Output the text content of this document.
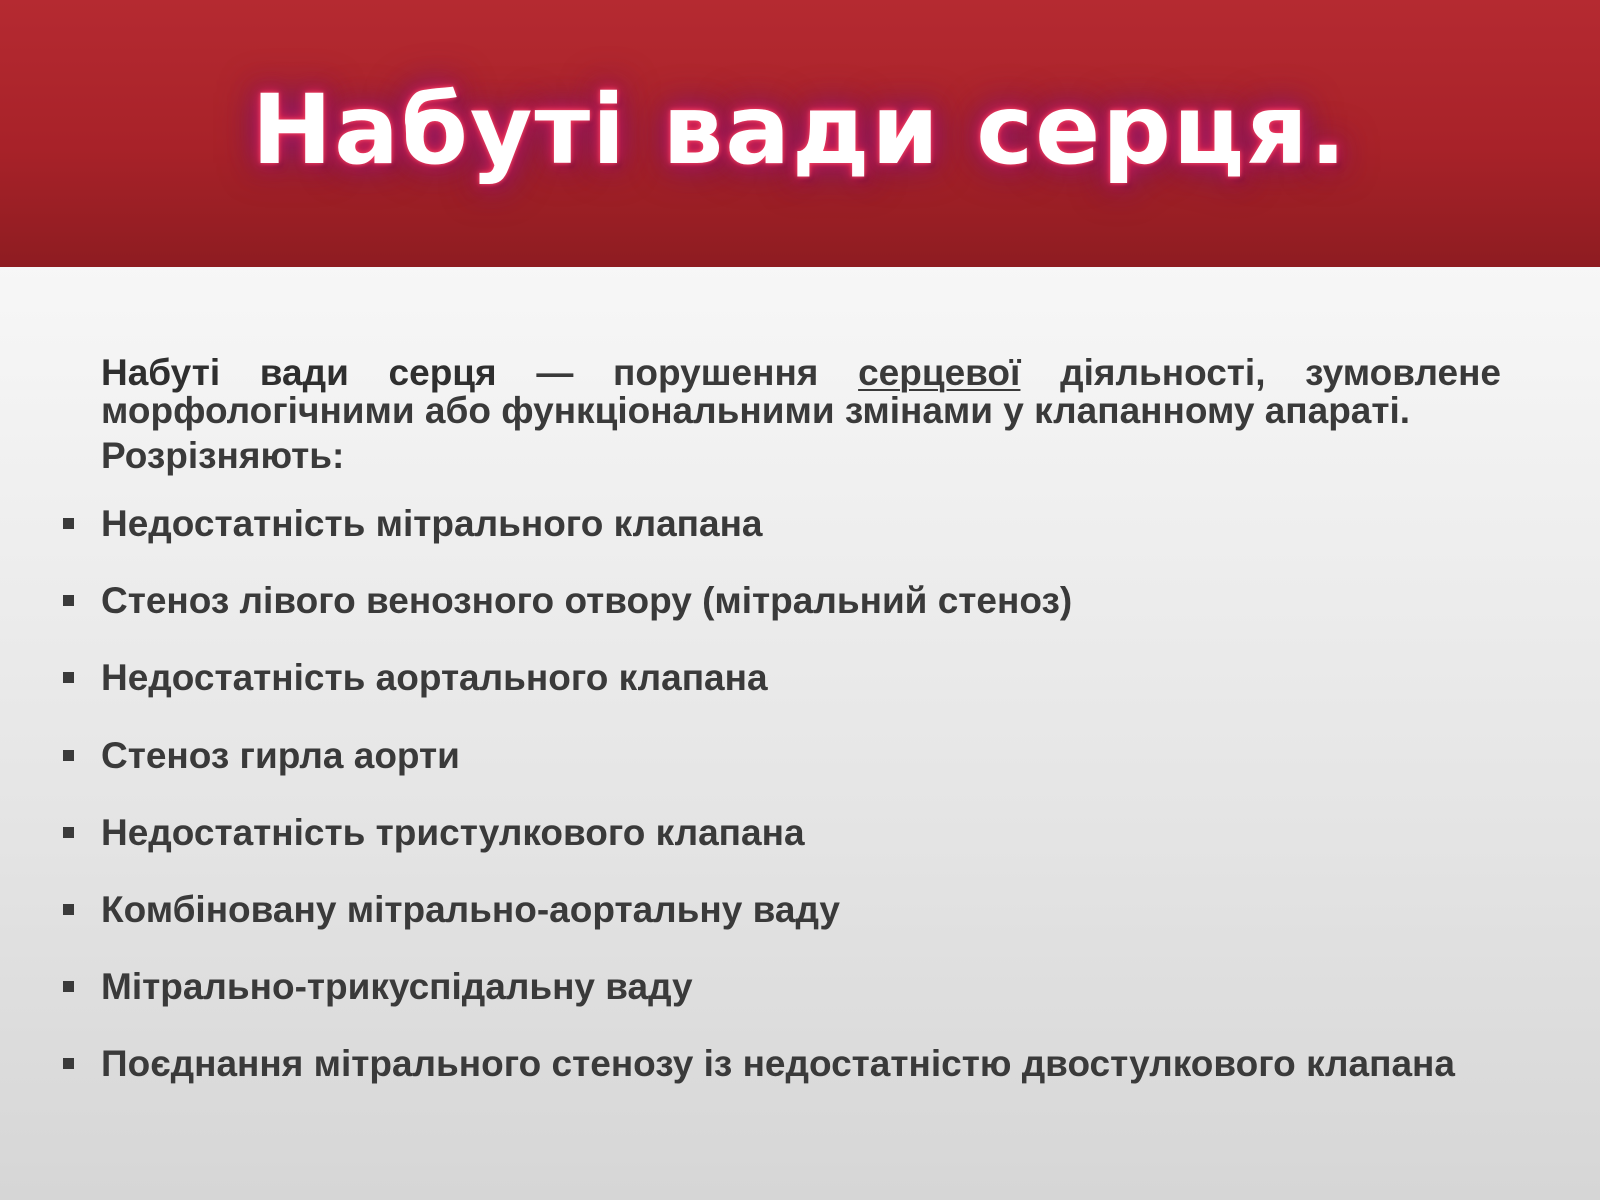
Набуті вади серця.

Набуті вади серця — порушення серцевої діяльності, зумовлене морфологічними або функціональними змінами у клапанному апараті.

Розрізняють:

Недостатність мітрального клапана
Стеноз лівого венозного отвору (мітральний стеноз)
Недостатність аортального клапана
Стеноз гирла аорти
Недостатність тристулкового клапана
Комбіновану мітрально-аортальну ваду
Мітрально-трикуспідальну ваду
Поєднання мітрального стенозу із недостатністю двостулкового клапана
